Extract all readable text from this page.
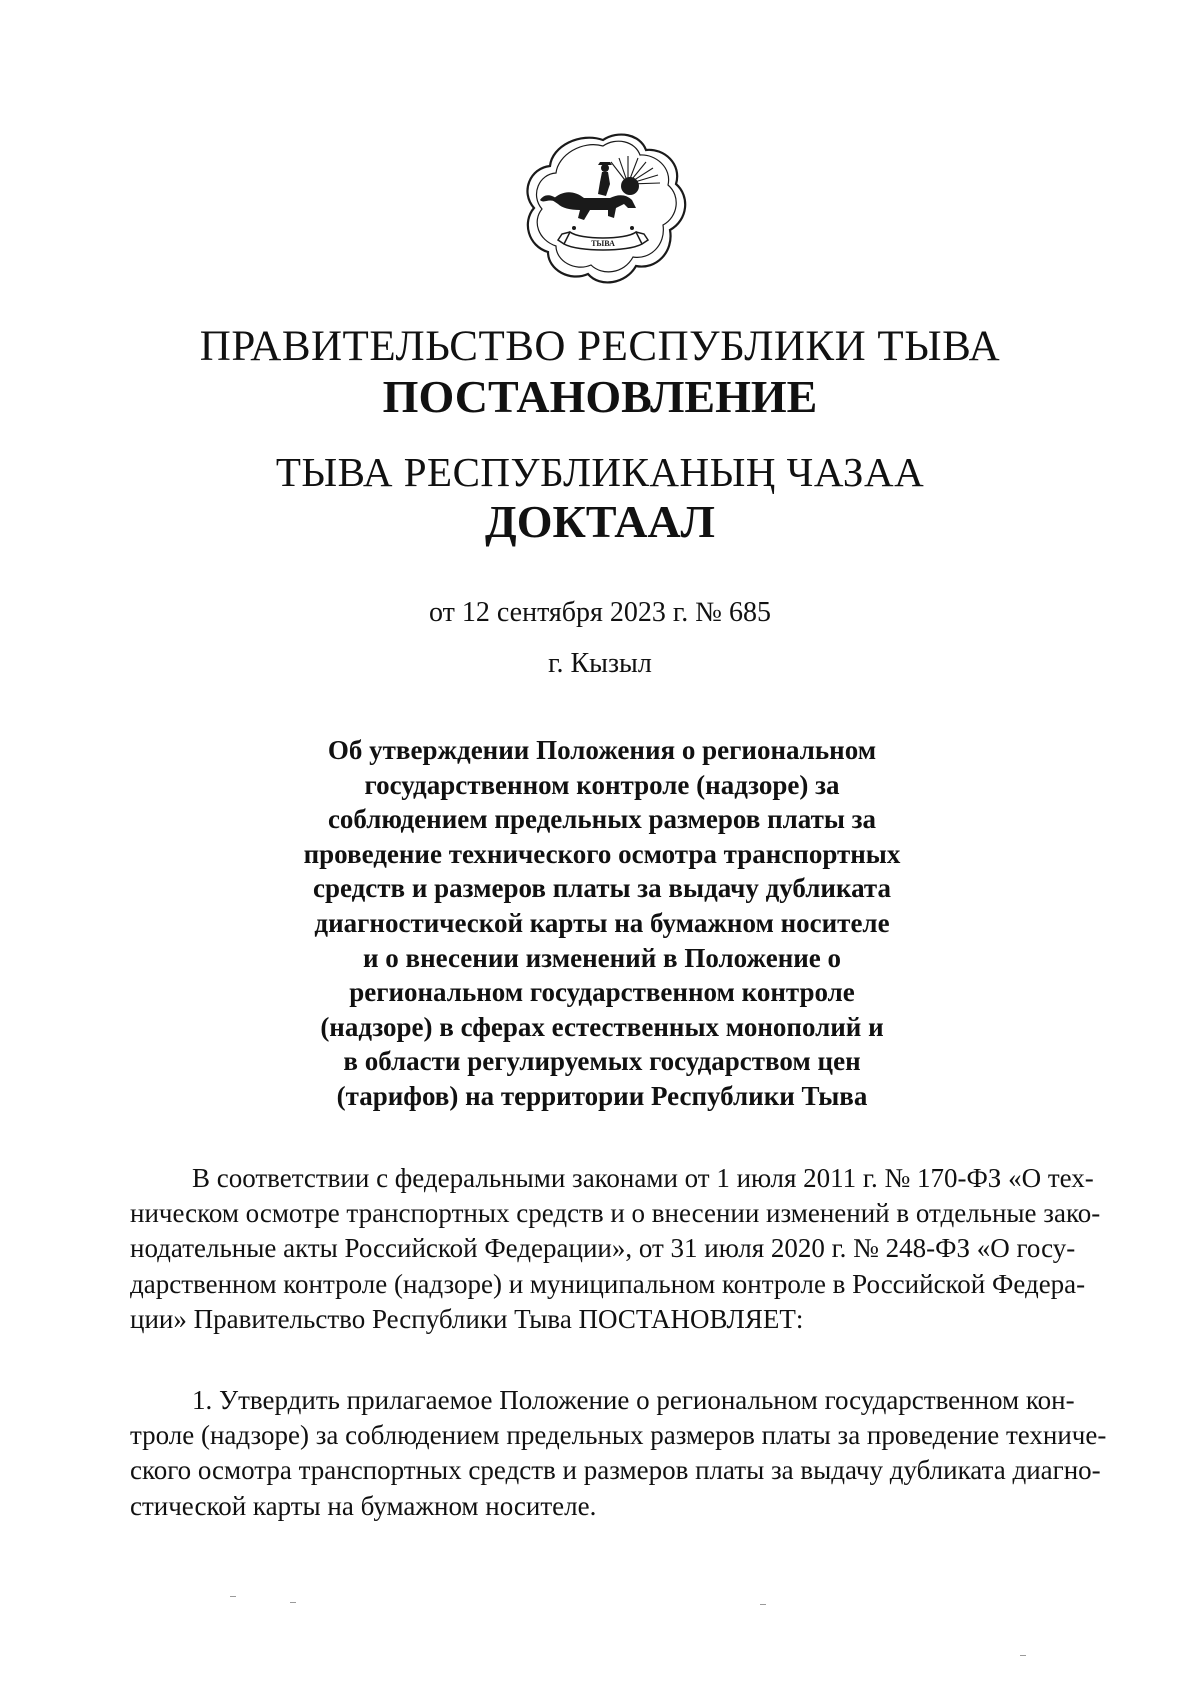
ТЫВА
ПРАВИТЕЛЬСТВО РЕСПУБЛИКИ ТЫВА
ПОСТАНОВЛЕНИЕ
ТЫВА РЕСПУБЛИКАНЫҢ ЧАЗАА
ДОКТААЛ
от 12 сентября 2023 г. № 685
г. Кызыл
Об утверждении Положения о региональном
государственном контроле (надзоре) за
соблюдением предельных размеров платы за
проведение технического осмотра транспортных
средств и размеров платы за выдачу дубликата
диагностической карты на бумажном носителе
и о внесении изменений в Положение о
региональном государственном контроле
(надзоре) в сферах естественных монополий и
в области регулируемых государством цен
(тарифов) на территории Республики Тыва
В соответствии с федеральными законами от 1 июля 2011 г. № 170-ФЗ «О тех-
ническом осмотре транспортных средств и о внесении изменений в отдельные зако-
нодательные акты Российской Федерации», от 31 июля 2020 г. № 248-ФЗ «О госу-
дарственном контроле (надзоре) и муниципальном контроле в Российской Федера-
ции» Правительство Республики Тыва ПОСТАНОВЛЯЕТ:
1. Утвердить прилагаемое Положение о региональном государственном кон-
троле (надзоре) за соблюдением предельных размеров платы за проведение техниче-
ского осмотра транспортных средств и размеров платы за выдачу дубликата диагно-
стической карты на бумажном носителе.
